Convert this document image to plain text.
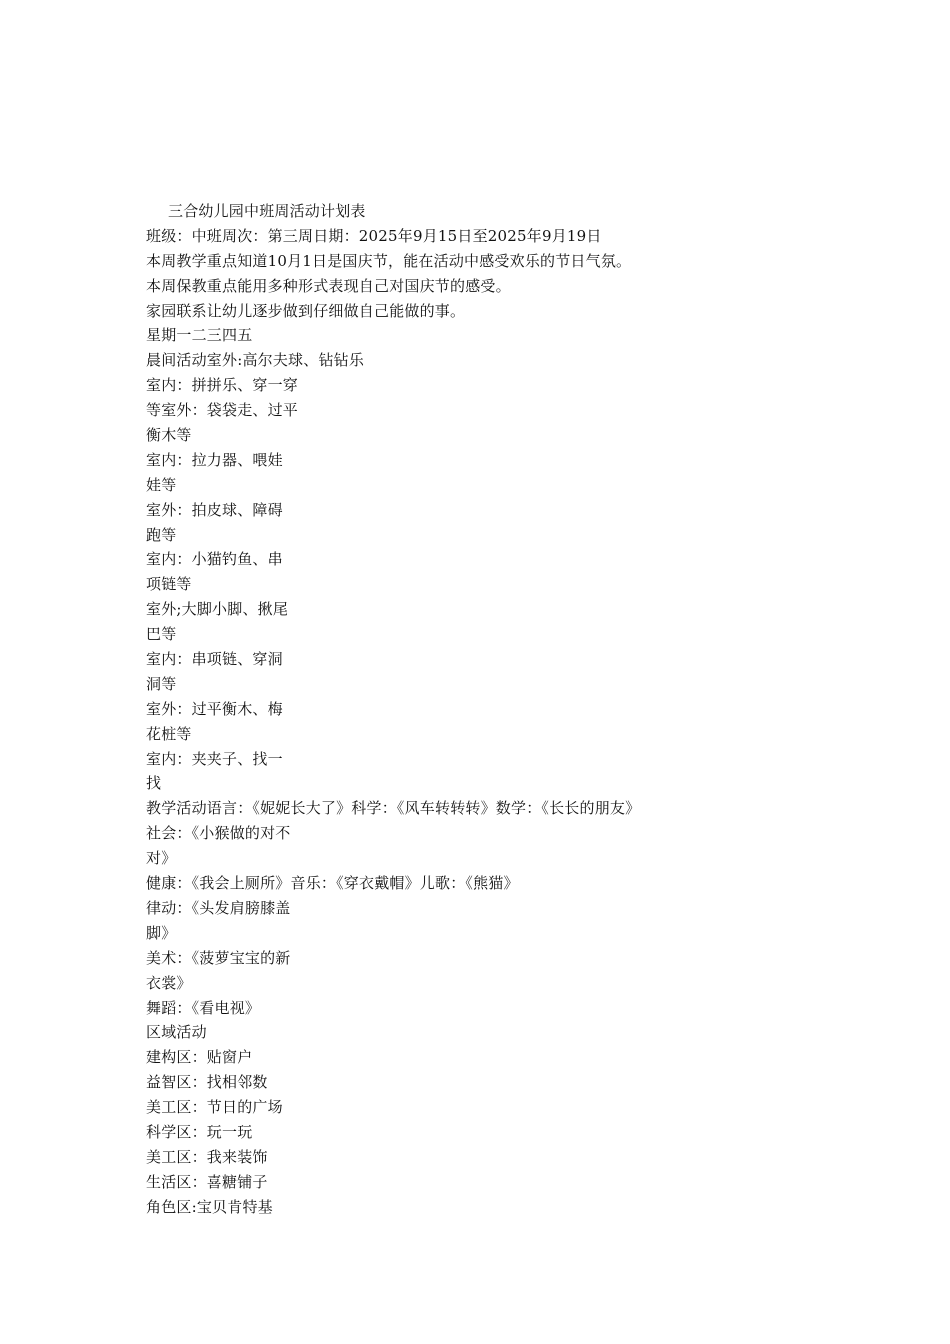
三合幼儿园中班周活动计划表
班级：中班周次：第三周日期：2025年9月15日至2025年9月19日
本周教学重点知道10月1日是国庆节，能在活动中感受欢乐的节日气氛。
本周保教重点能用多种形式表现自己对国庆节的感受。
家园联系让幼儿逐步做到仔细做自己能做的事。
星期一二三四五
晨间活动室外:高尔夫球、钻钻乐
室内：拼拼乐、穿一穿
等室外：袋袋走、过平
衡木等
室内：拉力器、喂娃
娃等
室外：拍皮球、障碍
跑等
室内：小猫钓鱼、串
项链等
室外;大脚小脚、揪尾
巴等
室内：串项链、穿洞
洞等
室外：过平衡木、梅
花桩等
室内：夹夹子、找一
找
教学活动语言：《妮妮长大了》科学：《风车转转转》数学：《长长的朋友》
社会：《小猴做的对不
对》
健康：《我会上厕所》音乐：《穿衣戴帽》儿歌：《熊猫》
律动：《头发肩膀膝盖
脚》
美术：《菠萝宝宝的新
衣裳》
舞蹈：《看电视》
区域活动
建构区：贴窗户
益智区：找相邻数
美工区：节日的广场
科学区：玩一玩
美工区：我来装饰
生活区：喜糖铺子
角色区:宝贝肯特基
